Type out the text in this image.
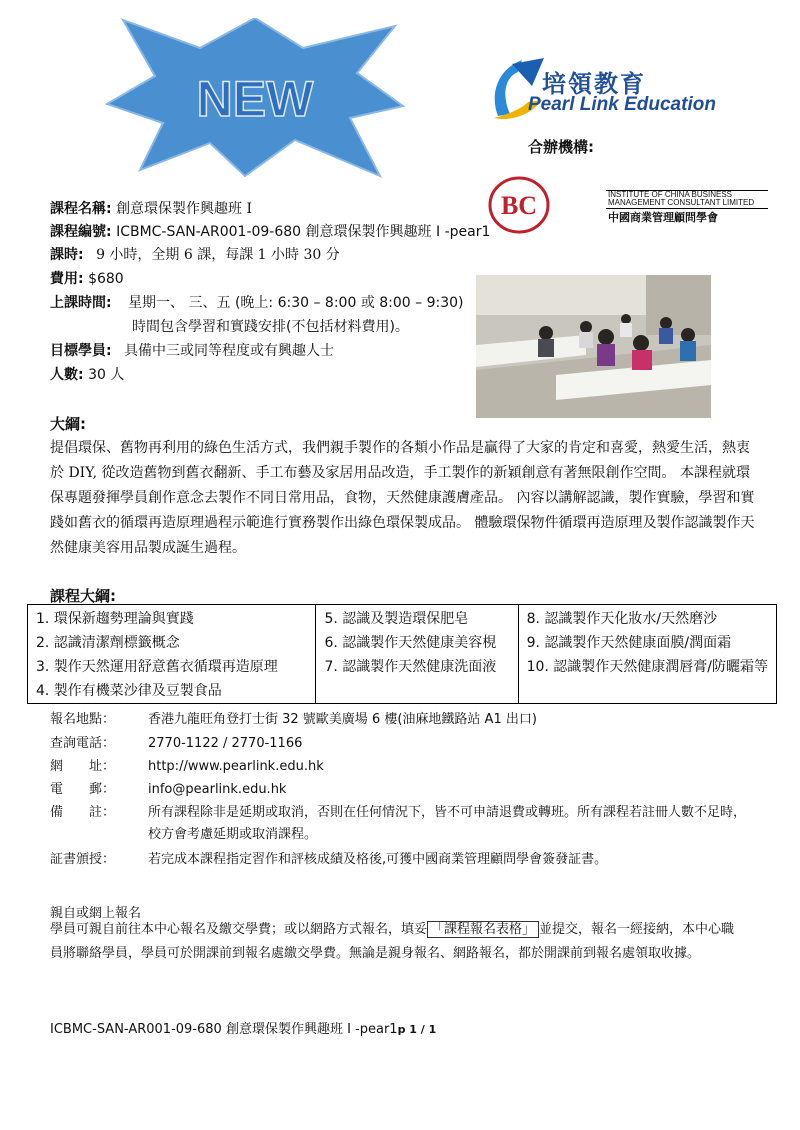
NEW	培領教育
Pearl Link Education
合辦機構:
BC	INSTITUTE OF CHINA BUSINESS
MANAGEMENT CONSULTANT LIMITED
中國商業管理顧問學會
課程名稱: 創意環保製作興趣班 I
課程編號: ICBMC-SAN-AR001-09-680 創意環保製作興趣班 I -pear1
課時: 9 小時，全期 6 課，每課 1 小時 30 分
費用: $680
上課時間: 星期一、 三、五 (晚上: 6:30 – 8:00 或 8:00 – 9:30)
時間包含學習和實踐安排(不包括材料費用)。
目標學員: 具備中三或同等程度或有興趣人士
人數: 30 人
大綱:

提倡環保、舊物再利用的綠色生活方式，我們親手製作的各類小作品是贏得了大家的肯定和喜愛，熱愛生活，熱衷於 DIY, 從改造舊物到舊衣翻新、手工布藝及家居用品改造，手工製作的新穎創意有著無限創作空間。 本課程就環保專題發揮學員創作意念去製作不同日常用品，食物，天然健康護膚產品。 內容以講解認識，製作實驗，學習和實踐如舊衣的循環再造原理過程示範進行實務製作出綠色環保製成品。 體驗環保物件循環再造原理及製作認識製作天然健康美容用品製成誕生過程。

課程大綱:
1. 環保新趨勢理論與實踐
2. 認識清潔劑標籤概念
3. 製作天然運用舒意舊衣循環再造原理
4. 製作有機菜沙律及豆製食品

5. 認識及製造環保肥皂
6. 認識製作天然健康美容梘
7. 認識製作天然健康洗面液

8. 認識製作天化妝水/天然磨沙
9. 認識製作天然健康面膜/潤面霜
10. 認識製作天然健康潤唇膏/防曬霜等
報名地點：	香港九龍旺角登打士街 32 號歐美廣場 6 樓(油麻地鐵路站 A1 出口)
查詢電話：	2770-1122 / 2770-1166
網　　址：	http://www.pearlink.edu.hk
電　　郵：	info@pearlink.edu.hk
備　　註：	所有課程除非是延期或取消，否則在任何情況下，皆不可申請退費或轉班。所有課程若註冊人數不足時，
校方會考慮延期或取消課程。
証書頒授：	若完成本課程指定習作和評核成績及格後,可獲中國商業管理顧問學會簽發証書。
親自或網上報名
學員可親自前往本中心報名及繳交學費；或以網路方式報名，填妥 「課程報名表格」 並提交，報名一經接納，本中心職
員將聯絡學員，學員可於開課前到報名處繳交學費。無論是親身報名、網路報名，都於開課前到報名處領取收據。
ICBMC-SAN-AR001-09-680 創意環保製作興趣班 I -pear1p 1 / 1
